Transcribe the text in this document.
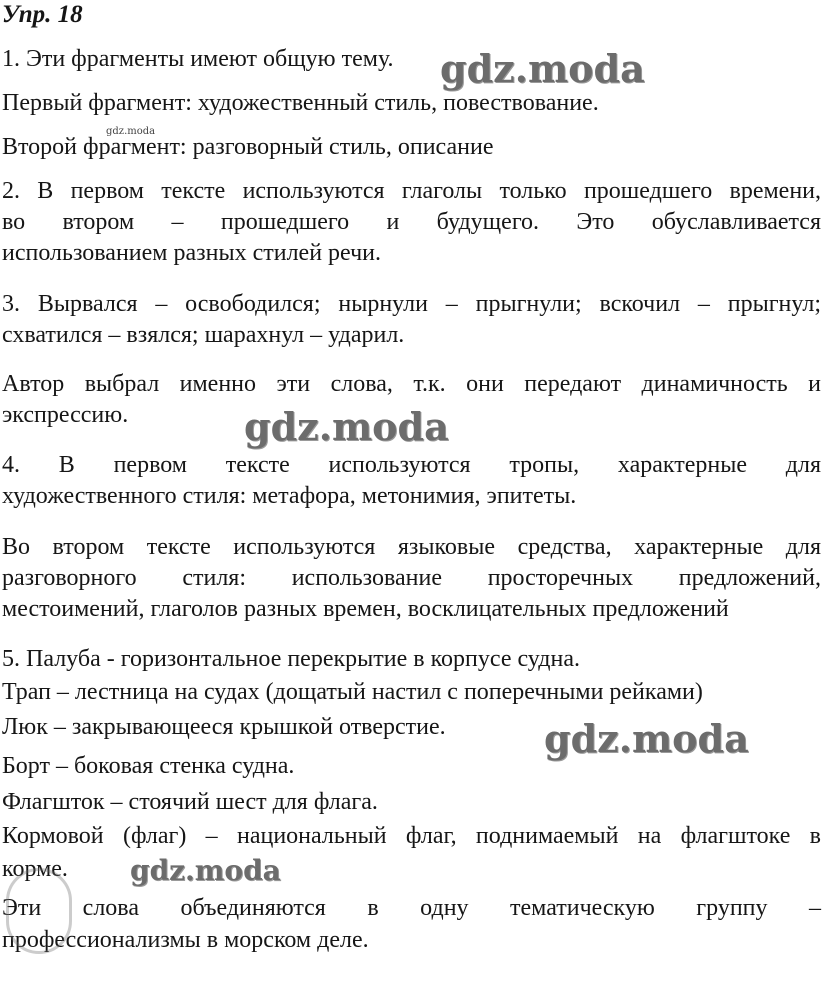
Упр. 18
1. Эти фрагменты имеют общую тему.
Первый фрагмент: художественный стиль, повествование.
Второй фрагмент: разговорный стиль, описание
2. В первом тексте используются глаголы только прошедшего времени,
во втором – прошедшего и будущего. Это обуславливается
использованием разных стилей речи.
3. Вырвался – освободился; нырнули – прыгнули; вскочил – прыгнул;
схватился – взялся; шарахнул – ударил.
Автор выбрал именно эти слова, т.к. они передают динамичность и
экспрессию.
4. В первом тексте используются тропы, характерные для
художественного стиля: метафора, метонимия, эпитеты.
Во втором тексте используются языковые средства, характерные для
разговорного стиля: использование просторечных предложений,
местоимений, глаголов разных времен, восклицательных предложений
5. Палуба - горизонтальное перекрытие в корпусе судна.
Трап – лестница на судах (дощатый настил с поперечными рейками)
Люк – закрывающееся крышкой отверстие.
Борт – боковая стенка судна.
Флагшток – стоячий шест для флага.
Кормовой (флаг) – национальный флаг, поднимаемый на флагштоке в
корме.
Эти слова объединяются в одну тематическую группу –
профессионализмы в морском деле.
gdz.moda
gdz.moda
gdz.moda
gdz.moda
gdz.moda
